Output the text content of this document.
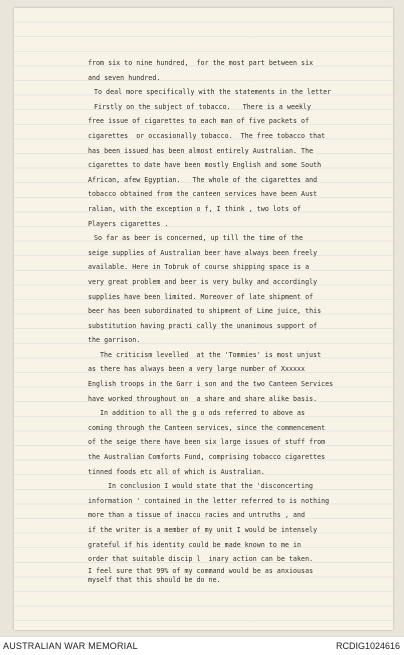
from six to nine hundred,  for the most part between six
and seven hundred.
To deal more specifically with the statements in the letter
Firstly on the subject of tobacco.   There is a weekly
free issue of cigarettes to each man of five packets of
cigarettes  or occasionally tobacco.  The free tobacco that
has been issued has been almost entirely Australian. The
cigarettes to date have been mostly English and some South
African, afew Egyptian.   The whole of the cigarettes and
tobacco obtained from the canteen services have been Aust
ralian, with the exception o f, I think , two lots of
Players cigarettes .
So far as beer is concerned, up till the time of the
seige supplies of Australian beer have always been freely
available. Here in Tobruk of course shipping space is a
very great problem and beer is very bulky and accordingly
supplies have been limited. Moreover of late shipment of
beer has been subordinated to shipment of Lime juice, this
substitution having practi cally the unanimous support of
the garrison.
The criticism levelled  at the 'Tommies' is most unjust
as there has always been a very large number of Xxxxxx
English troops in the Garr i son and the two Canteen Services
have worked throughout on  a share and share alike basis.
In addition to all the g o ods referred to above as
coming through the Canteen services, since the commencement
of the seige there have been six large issues of stuff from
the Australian Comforts Fund, comprising tobacco cigarettes
tinned foods etc all of which is Australian.
In conclusion I would state that the 'disconcerting
information ' contained in the letter referred to is nothing
more than a tissue of inaccu racies and untruths , and
if the writer is a member of my unit I would be intensely
grateful if his identity could be made known to me in
order that suitable discip l  inary action can be taken.
I feel sure that 99% of my command would be as anxiousas
myself that this should be do ne.
AUSTRALIAN WAR MEMORIAL	RCDIG1024616
